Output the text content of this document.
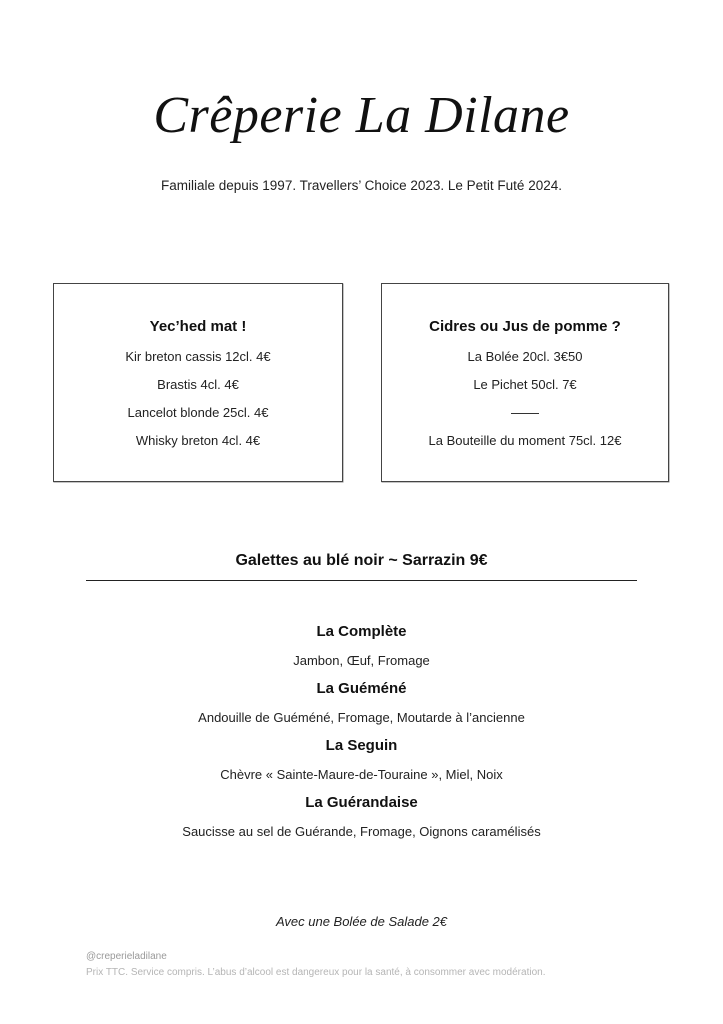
Crêperie La Dilane
Familiale depuis 1997. Travellers’ Choice 2023. Le Petit Futé 2024.
Yec’hed mat !
Kir breton cassis 12cl. 4€
Brastis 4cl. 4€
Lancelot blonde 25cl. 4€
Whisky breton 4cl. 4€
Cidres ou Jus de pomme ?
La Bolée 20cl. 3€50
Le Pichet 50cl. 7€
La Bouteille du moment 75cl. 12€
Galettes au blé noir ~ Sarrazin 9€

La Complète

Jambon, Œuf, Fromage

La Guéméné

Andouille de Guéméné, Fromage, Moutarde à l’ancienne

La Seguin

Chèvre « Sainte-Maure-de-Touraine », Miel, Noix

La Guérandaise

Saucisse au sel de Guérande, Fromage, Oignons caramélisés

Avec une Bolée de Salade 2€
@creperieladilane
Prix TTC. Service compris. L’abus d’alcool est dangereux pour la santé, à consommer avec modération.
